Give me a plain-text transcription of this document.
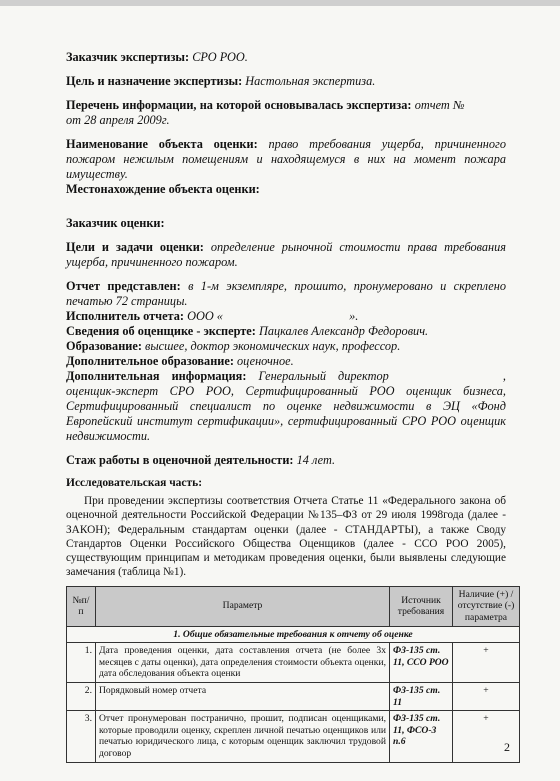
Заказчик экспертизы: СРО РОО.

Цель и назначение экспертизы: Настольная экспертиза.

Перечень информации, на которой основывалась экспертиза: отчет №  от 28 апреля 2009г.

Наименование объекта оценки: право требования ущерба, причиненного пожаром нежилым помещениям и находящемуся в них на момент пожара имуществу.

Местонахождение объекта оценки:

Заказчик оценки:

Цели и задачи оценки: определение рыночной стоимости права требования ущерба, причиненного пожаром.

Отчет представлен: в 1-м экземпляре, прошито, пронумеровано и скреплено печатью 72 страницы.

Исполнитель отчета: ООО «	».

Сведения об оценщике - эксперте: Пацкалев Александр Федорович.

Образование: высшее, доктор экономических наук, профессор.

Дополнительное образование: оценочное.

Дополнительная информация: Генеральный директор	, оценщик-эксперт СРО РОО, Сертифицированный РОО оценщик бизнеса, Сертифицированный специалист по оценке недвижимости в ЭЦ «Фонд Европейский институт сертификации», сертифицированный СРО РОО оценщик недвижимости.

Стаж работы в оценочной деятельности: 14 лет.

Исследовательская часть:

При проведении экспертизы соответствия Отчета Статье 11 «Федерального закона об оценочной деятельности Российской Федерации №135–ФЗ от 29 июля 1998года (далее - ЗАКОН); Федеральным стандартам оценки (далее - СТАНДАРТЫ), а также Своду Стандартов Оценки Российского Общества Оценщиков (далее - ССО РОО 2005), существующим принципам и методикам проведения оценки, были выявлены следующие замечания (таблица №1).

№п/п	Параметр	Источник требования	Наличие (+) /отсутствие (-) параметра
1. Общие обязательные требования к отчету об оценке			
1.	Дата проведения оценки, дата составления отчета (не более 3х месяцев с даты оценки), дата определения стоимости объекта оценки, дата обследования объекта оценки	ФЗ-135 ст. 11, ССО РОО	+
2.	Порядковый номер отчета	ФЗ-135 ст. 11	+
3.	Отчет пронумерован постранично, прошит, подписан оценщиками, которые проводили оценку, скреплен личной печатью оценщиков или печатью юридического лица, с которым оценщик заключил трудовой договор	ФЗ-135 ст. 11, ФСО-3 п.6	+
2
